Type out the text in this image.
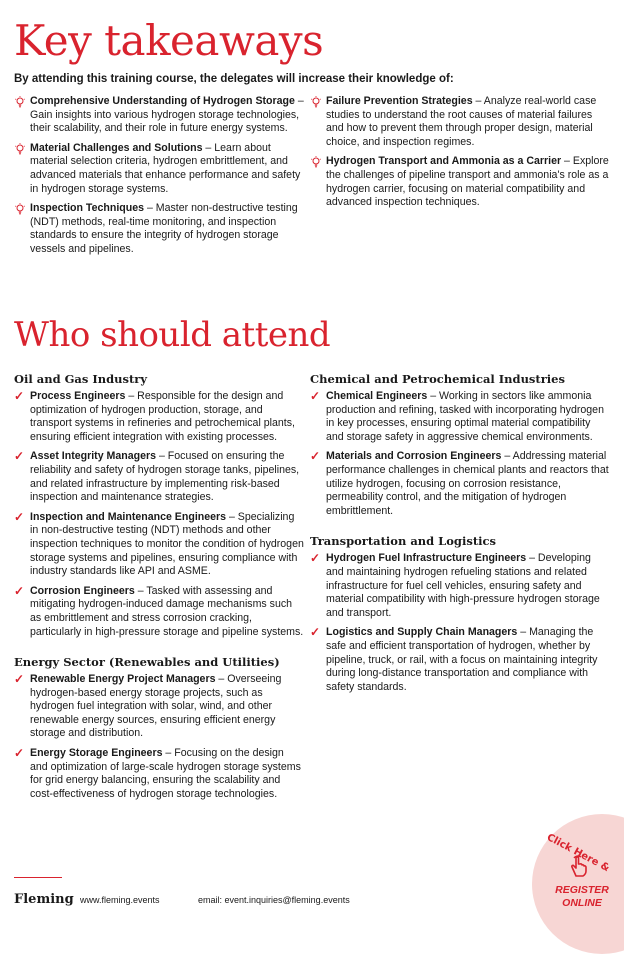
Key takeaways

By attending this training course, the delegates will increase their knowledge of:

Comprehensive Understanding of Hydrogen Storage – Gain insights into various hydrogen storage technologies, their scalability, and their role in future energy systems.
Material Challenges and Solutions – Learn about material selection criteria, hydrogen embrittlement, and advanced materials that enhance performance and safety in hydrogen storage systems.
Inspection Techniques – Master non-destructive testing (NDT) methods, real-time monitoring, and inspection standards to ensure the integrity of hydrogen storage vessels and pipelines.
Failure Prevention Strategies – Analyze real-world case studies to understand the root causes of material failures and how to prevent them through proper design, material choice, and inspection regimes.
Hydrogen Transport and Ammonia as a Carrier – Explore the challenges of pipeline transport and ammonia's role as a hydrogen carrier, focusing on material compatibility and advanced inspection techniques.
Who should attend
Oil and Gas Industry
✓ Process Engineers – Responsible for the design and optimization of hydrogen production, storage, and transport systems in refineries and petrochemical plants, ensuring efficient integration with existing processes.
✓ Asset Integrity Managers – Focused on ensuring the reliability and safety of hydrogen storage tanks, pipelines, and related infrastructure by implementing risk-based inspection and maintenance strategies.
✓ Inspection and Maintenance Engineers – Specializing in non-destructive testing (NDT) methods and other inspection techniques to monitor the condition of hydrogen storage systems and pipelines, ensuring compliance with industry standards like API and ASME.
✓ Corrosion Engineers – Tasked with assessing and mitigating hydrogen-induced damage mechanisms such as embrittlement and stress corrosion cracking, particularly in high-pressure storage and pipeline systems.
Energy Sector (Renewables and Utilities)
✓ Renewable Energy Project Managers – Overseeing hydrogen-based energy storage projects, such as hydrogen fuel integration with solar, wind, and other renewable energy sources, ensuring efficient energy storage and distribution.
✓ Energy Storage Engineers – Focusing on the design and optimization of large-scale hydrogen storage systems for grid energy balancing, ensuring the scalability and cost-effectiveness of hydrogen storage technologies.
Chemical and Petrochemical Industries
✓ Chemical Engineers – Working in sectors like ammonia production and refining, tasked with incorporating hydrogen in key processes, ensuring optimal material compatibility and storage safety in aggressive chemical environments.
✓ Materials and Corrosion Engineers – Addressing material performance challenges in chemical plants and reactors that utilize hydrogen, focusing on corrosion resistance, permeability control, and the mitigation of hydrogen embrittlement.
Transportation and Logistics
✓ Hydrogen Fuel Infrastructure Engineers – Developing and maintaining hydrogen refueling stations and related infrastructure for fuel cell vehicles, ensuring safety and material compatibility with high-pressure hydrogen storage and transport.
✓ Logistics and Supply Chain Managers – Managing the safe and efficient transportation of hydrogen, whether by pipeline, truck, or rail, with a focus on maintaining integrity during long-distance transportation and compliance with safety standards.
Fleming www.fleming.events	email: event.inquiries@fleming.events
Click Here &
REGISTER ONLINE
